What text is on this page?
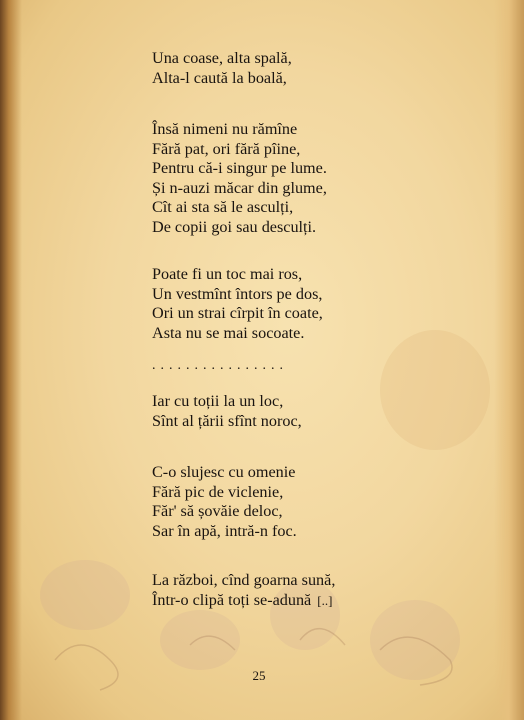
Una coase, alta spală,
Alta-l caută la boală,
Însă nimeni nu rămîne
Fără pat, ori fără pîine,
Pentru că-i singur pe lume.
Și n-auzi măcar din glume,
Cît ai sta să le asculți,
De copii goi sau desculți.
Poate fi un toc mai ros,
Un vestmînt întors pe dos,
Ori un strai cîrpit în coate,
Asta nu se mai socoate.
................
Iar cu toții la un loc,
Sînt al țării sfînt noroc,
C-o slujesc cu omenie
Fără pic de viclenie,
Făr' să șovăie deloc,
Sar în apă, intră-n foc.
La război, cînd goarna sună,
Într-o clipă toți se-adună [..]
25
